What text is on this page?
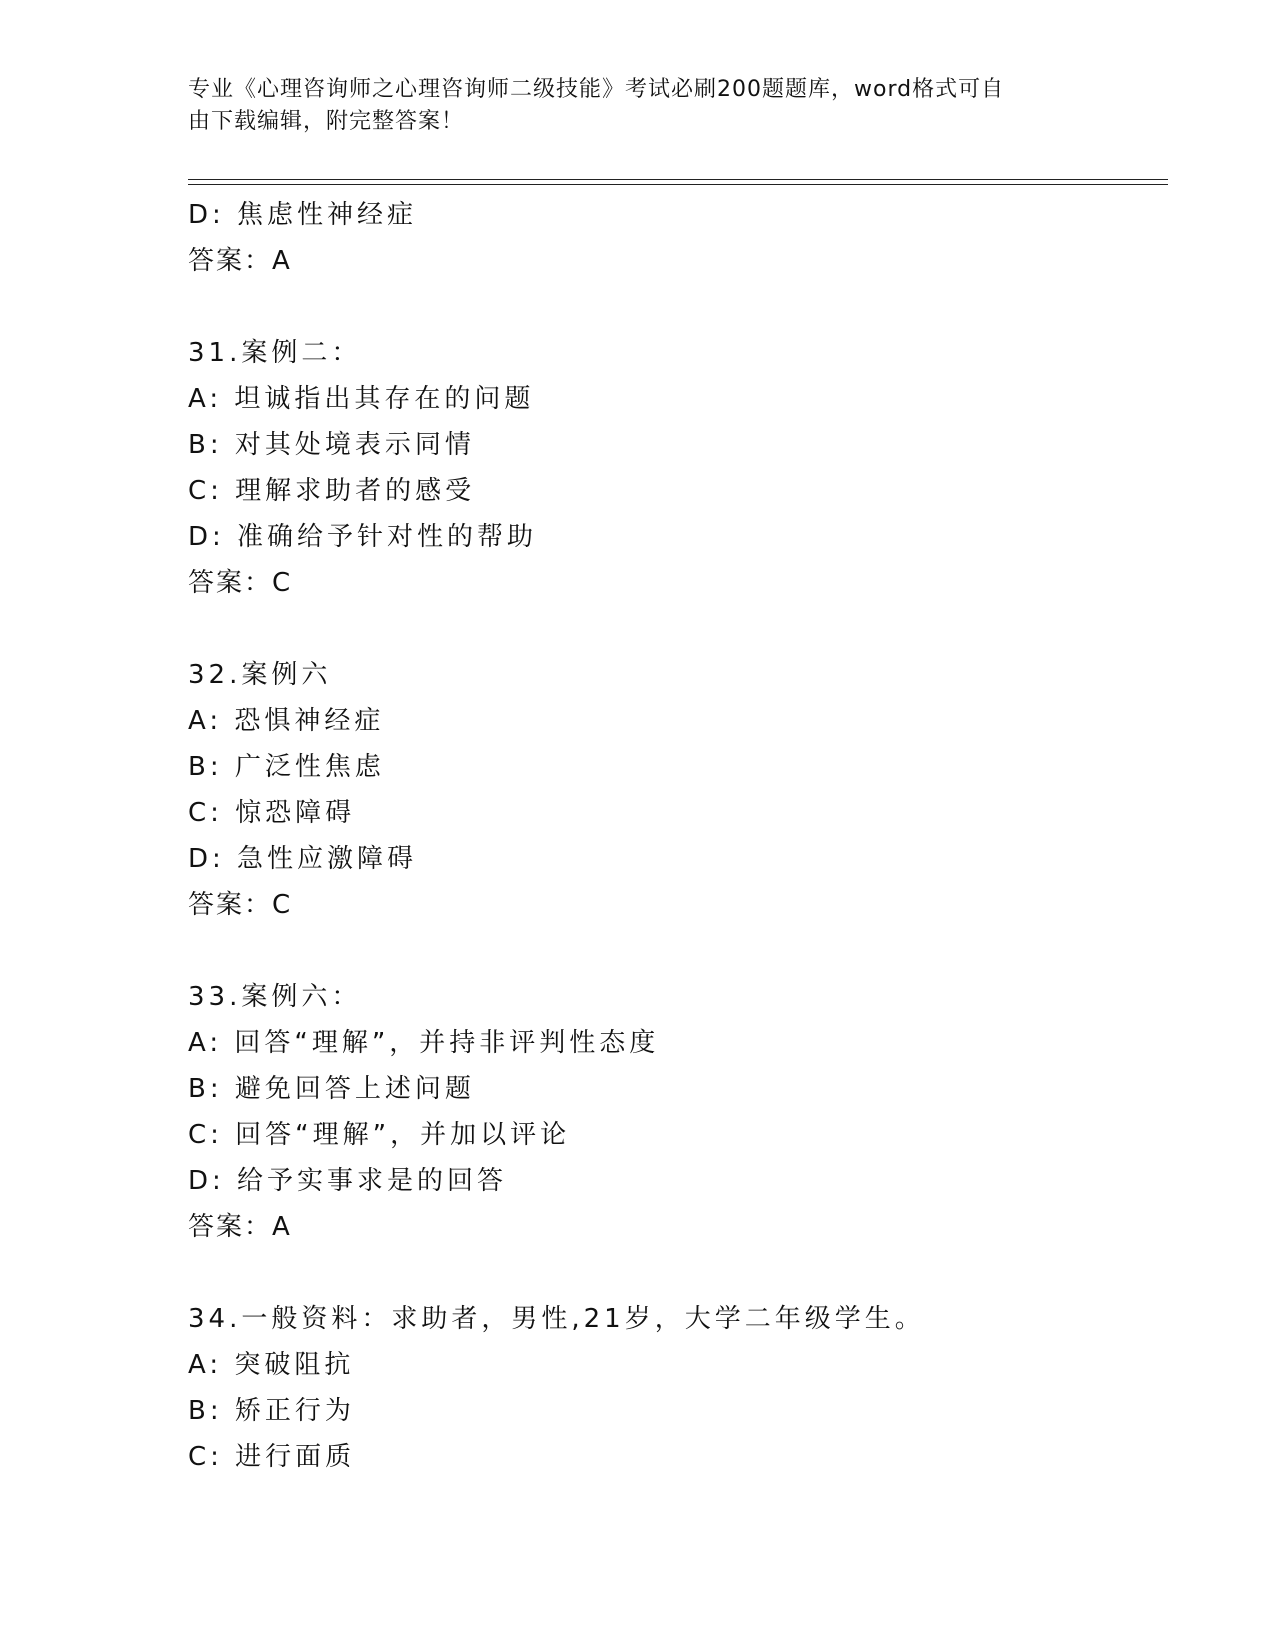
专业《心理咨询师之心理咨询师二级技能》考试必刷200题题库，word格式可自
由下载编辑，附完整答案！
D: 焦虑性神经症
答案：A
31.案例二：
A: 坦诚指出其存在的问题
B: 对其处境表示同情
C: 理解求助者的感受
D: 准确给予针对性的帮助
答案：C
32.案例六
A: 恐惧神经症
B: 广泛性焦虑
C: 惊恐障碍
D: 急性应激障碍
答案：C
33.案例六：
A: 回答“理解”，并持非评判性态度
B: 避免回答上述问题
C: 回答“理解”，并加以评论
D: 给予实事求是的回答
答案：A
34.一般资料：求助者，男性,21岁，大学二年级学生。
A: 突破阻抗
B: 矫正行为
C: 进行面质
